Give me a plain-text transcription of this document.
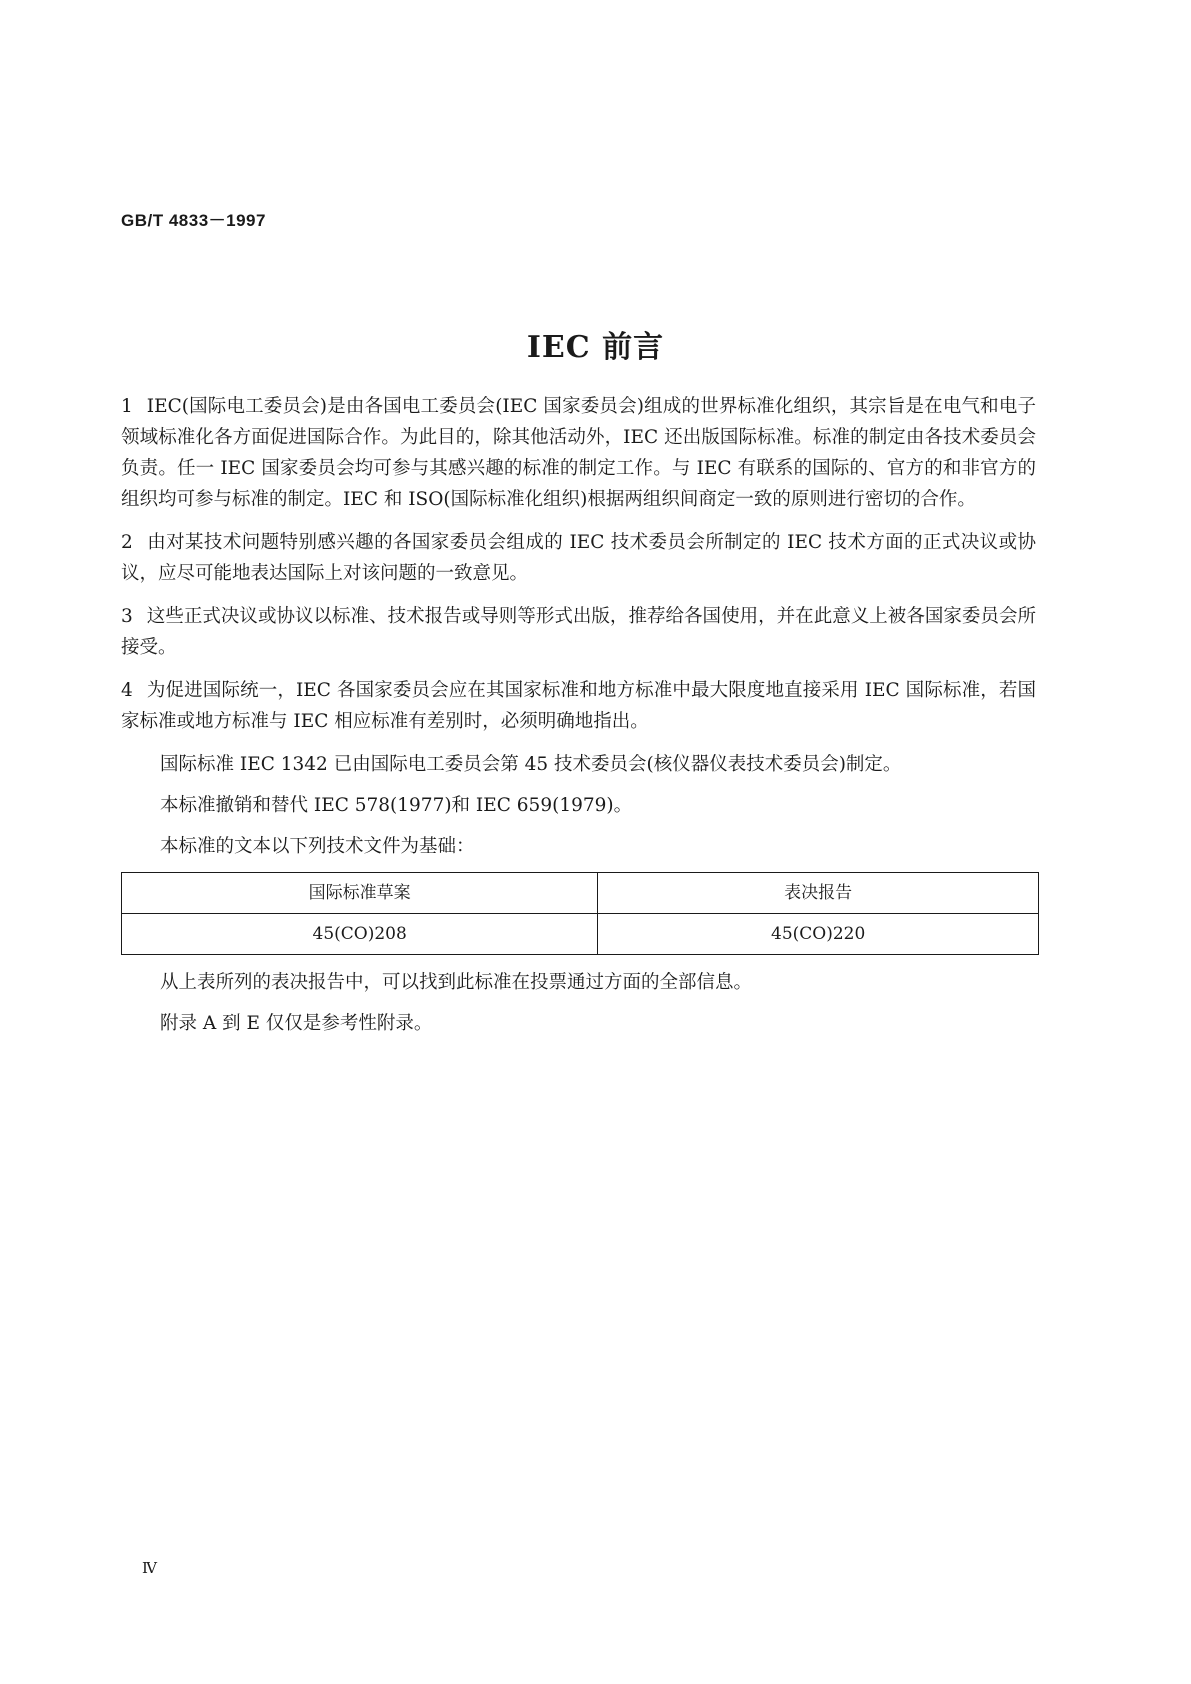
GB/T 4833－1997
IEC 前言

1 IEC(国际电工委员会)是由各国电工委员会(IEC 国家委员会)组成的世界标准化组织，其宗旨是在电气和电子领域标准化各方面促进国际合作。为此目的，除其他活动外，IEC 还出版国际标准。标准的制定由各技术委员会负责。任一 IEC 国家委员会均可参与其感兴趣的标准的制定工作。与 IEC 有联系的国际的、官方的和非官方的组织均可参与标准的制定。IEC 和 ISO(国际标准化组织)根据两组织间商定一致的原则进行密切的合作。

2 由对某技术问题特别感兴趣的各国家委员会组成的 IEC 技术委员会所制定的 IEC 技术方面的正式决议或协议，应尽可能地表达国际上对该问题的一致意见。

3 这些正式决议或协议以标准、技术报告或导则等形式出版，推荐给各国使用，并在此意义上被各国家委员会所接受。

4 为促进国际统一，IEC 各国家委员会应在其国家标准和地方标准中最大限度地直接采用 IEC 国际标准，若国家标准或地方标准与 IEC 相应标准有差别时，必须明确地指出。

国际标准 IEC 1342 已由国际电工委员会第 45 技术委员会(核仪器仪表技术委员会)制定。

本标准撤销和替代 IEC 578(1977)和 IEC 659(1979)。

本标准的文本以下列技术文件为基础：

国际标准草案	表决报告
45(CO)208	45(CO)220

从上表所列的表决报告中，可以找到此标准在投票通过方面的全部信息。

附录 A 到 E 仅仅是参考性附录。

Ⅳ
